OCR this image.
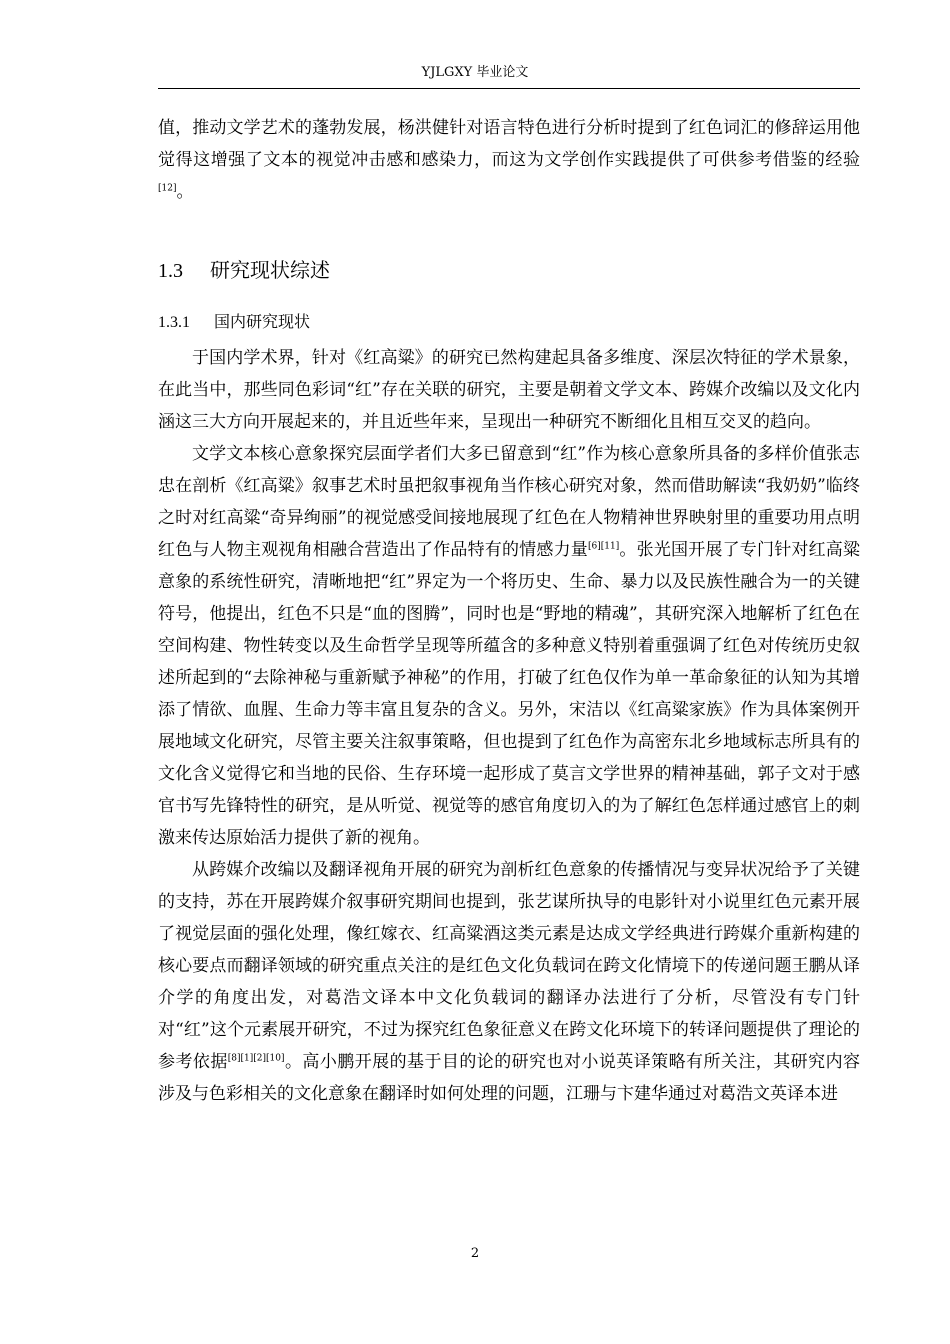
YJLGXY 毕业论文

值，推动文学艺术的蓬勃发展，杨洪健针对语言特色进行分析时提到了红色词汇的修辞运用他觉得这增强了文本的视觉冲击感和感染力，而这为文学创作实践提供了可供参考借鉴的经验[12]。

1.3 研究现状综述
1.3.1 国内研究现状

于国内学术界，针对《红高粱》的研究已然构建起具备多维度、深层次特征的学术景象，在此当中，那些同色彩词“红”存在关联的研究，主要是朝着文学文本、跨媒介改编以及文化内涵这三大方向开展起来的，并且近些年来，呈现出一种研究不断细化且相互交叉的趋向。

文学文本核心意象探究层面学者们大多已留意到“红”作为核心意象所具备的多样价值张志忠在剖析《红高粱》叙事艺术时虽把叙事视角当作核心研究对象，然而借助解读“我奶奶”临终之时对红高粱“奇异绚丽”的视觉感受间接地展现了红色在人物精神世界映射里的重要功用点明红色与人物主观视角相融合营造出了作品特有的情感力量[6][11]。张光国开展了专门针对红高粱意象的系统性研究，清晰地把“红”界定为一个将历史、生命、暴力以及民族性融合为一的关键符号，他提出，红色不只是“血的图腾”，同时也是“野地的精魂”，其研究深入地解析了红色在空间构建、物性转变以及生命哲学呈现等所蕴含的多种意义特别着重强调了红色对传统历史叙述所起到的“去除神秘与重新赋予神秘”的作用，打破了红色仅作为单一革命象征的认知为其增添了情欲、血腥、生命力等丰富且复杂的含义。另外，宋洁以《红高粱家族》作为具体案例开展地域文化研究，尽管主要关注叙事策略，但也提到了红色作为高密东北乡地域标志所具有的文化含义觉得它和当地的民俗、生存环境一起形成了莫言文学世界的精神基础，郭子文对于感官书写先锋特性的研究，是从听觉、视觉等的感官角度切入的为了解红色怎样通过感官上的刺激来传达原始活力提供了新的视角。

从跨媒介改编以及翻译视角开展的研究为剖析红色意象的传播情况与变异状况给予了关键的支持，苏在开展跨媒介叙事研究期间也提到，张艺谋所执导的电影针对小说里红色元素开展了视觉层面的强化处理，像红嫁衣、红高粱酒这类元素是达成文学经典进行跨媒介重新构建的核心要点而翻译领域的研究重点关注的是红色文化负载词在跨文化情境下的传递问题王鹏从译介学的角度出发，对葛浩文译本中文化负载词的翻译办法进行了分析，尽管没有专门针对“红”这个元素展开研究，不过为探究红色象征意义在跨文化环境下的转译问题提供了理论的参考依据[8][1][2][10]。高小鹏开展的基于目的论的研究也对小说英译策略有所关注，其研究内容涉及与色彩相关的文化意象在翻译时如何处理的问题，江珊与卞建华通过对葛浩文英译本进

2
